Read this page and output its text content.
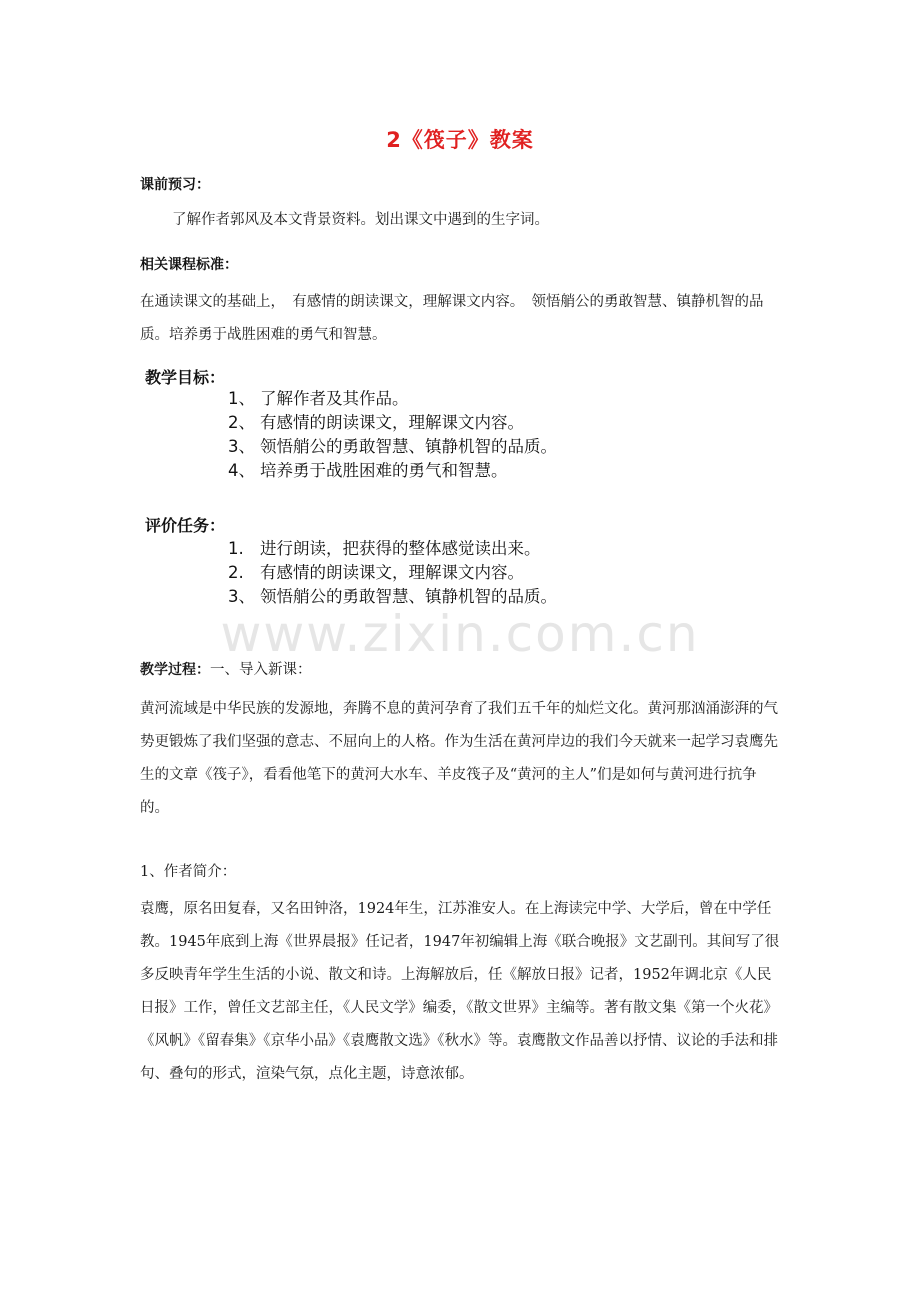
2《筏子》教案
课前预习：
了解作者郭风及本文背景资料。划出课文中遇到的生字词。
相关课程标准：
在通读课文的基础上，　有感情的朗读课文，理解课文内容。　领悟艄公的勇敢智慧、镇静机智的品质。培养勇于战胜困难的勇气和智慧。
教学目标：
1、 了解作者及其作品。
2、 有感情的朗读课文，理解课文内容。
3、 领悟艄公的勇敢智慧、镇静机智的品质。
4、 培养勇于战胜困难的勇气和智慧。
评价任务：
1. 进行朗读，把获得的整体感觉读出来。
2. 有感情的朗读课文，理解课文内容。
3、 领悟艄公的勇敢智慧、镇静机智的品质。
www.zixin.com.cn
教学过程：一、导入新课：
黄河流域是中华民族的发源地，奔腾不息的黄河孕育了我们五千年的灿烂文化。黄河那汹涌澎湃的气势更锻炼了我们坚强的意志、不屈向上的人格。作为生活在黄河岸边的我们今天就来一起学习袁鹰先生的文章《筏子》，看看他笔下的黄河大水车、羊皮筏子及“黄河的主人”们是如何与黄河进行抗争的。
1、作者简介：
袁鹰，原名田复春，又名田钟洛，1924年生，江苏淮安人。在上海读完中学、大学后，曾在中学任教。1945年底到上海《世界晨报》任记者，1947年初编辑上海《联合晚报》文艺副刊。其间写了很多反映青年学生生活的小说、散文和诗。上海解放后，任《解放日报》记者，1952年调北京《人民日报》工作，曾任文艺部主任，《人民文学》编委，《散文世界》主编等。著有散文集《第一个火花》《风帆》《留春集》《京华小品》《袁鹰散文选》《秋水》等。袁鹰散文作品善以抒情、议论的手法和排句、叠句的形式，渲染气氛，点化主题，诗意浓郁。
